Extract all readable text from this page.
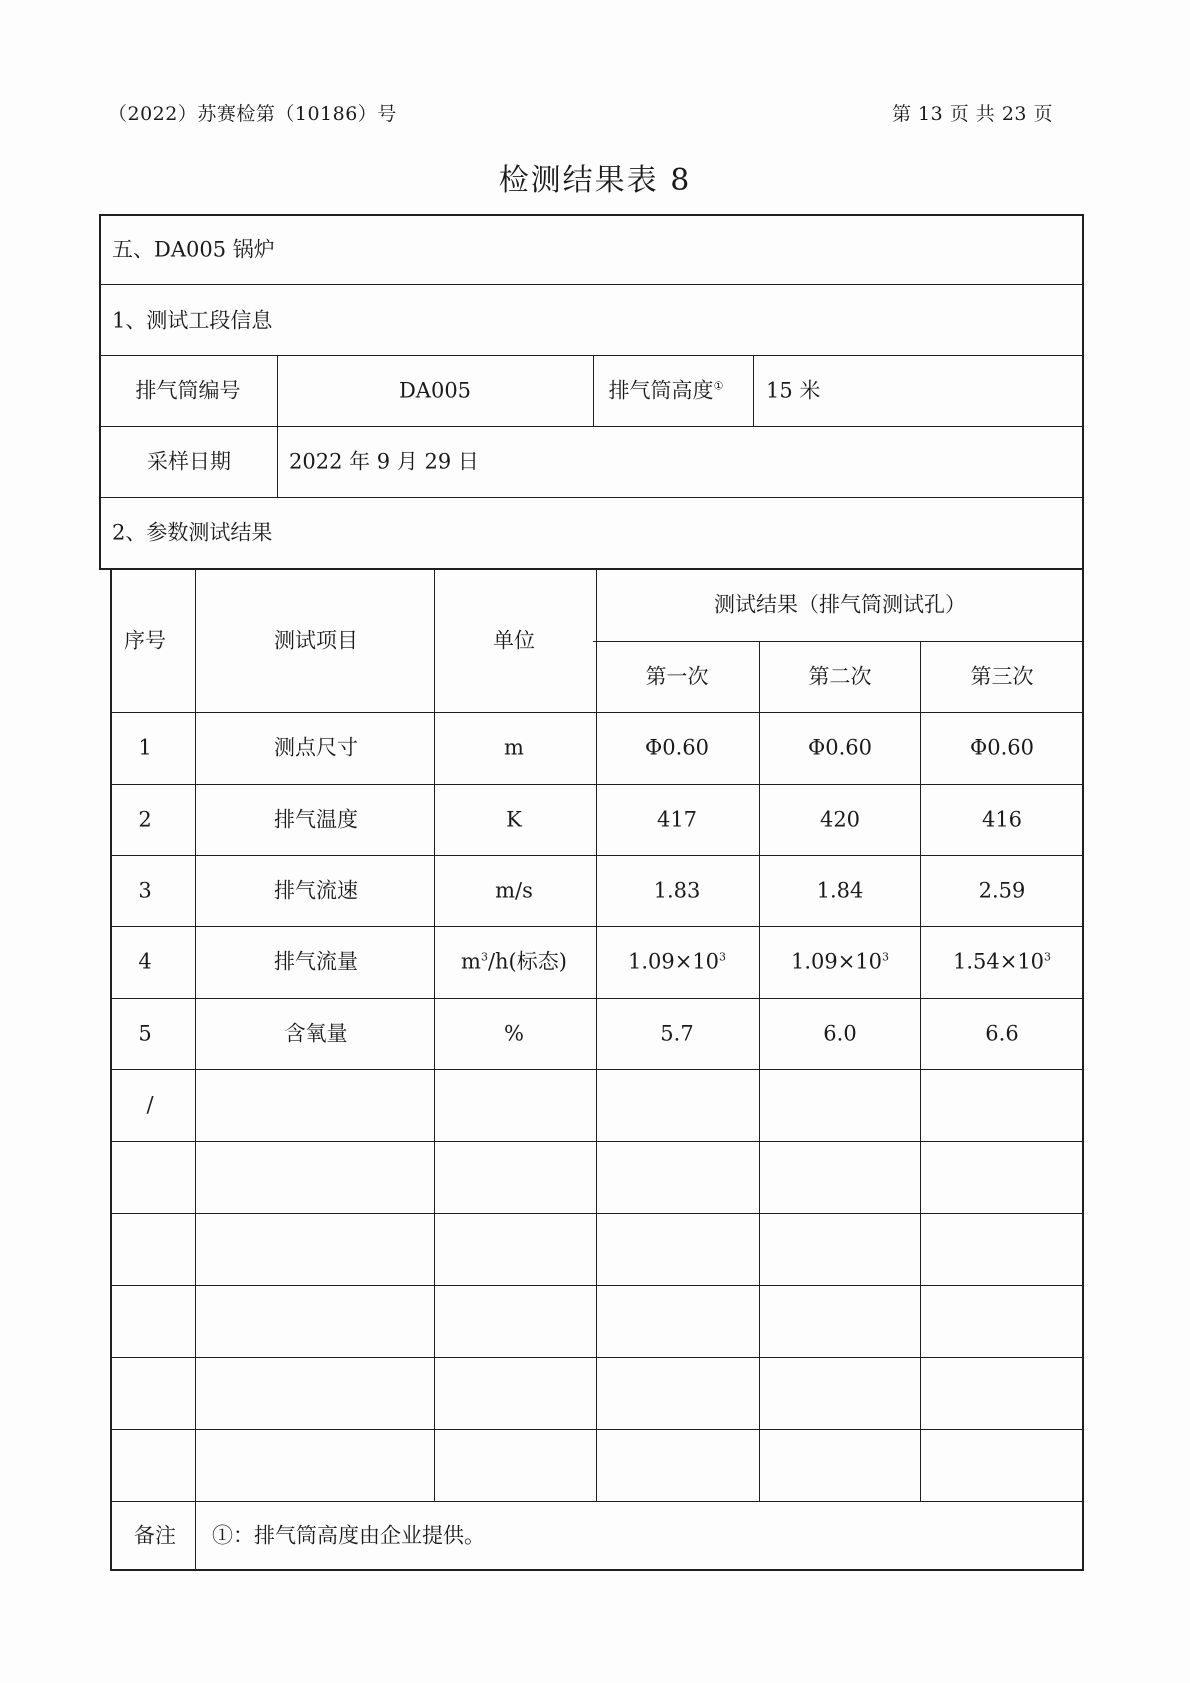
（2022）苏赛检第（10186）号	第 13 页 共 23 页
检测结果表 8
五、DA005 锅炉
1、测试工段信息
排气筒编号	DA005	排气筒高度① 15 米
采样日期	2022 年 9 月 29 日
2、参数测试结果
序号	测试项目	单位
测试结果（排气筒测试孔）
第一次	第二次	第三次
1	测点尺寸	m	Φ0.60	Φ0.60	Φ0.60
2	排气温度	K	417	420	416
3	排气流速	m/s	1.83	1.84	2.59
4	排气流量	$m^3/h$(标态)	$1.09\times 10^3$	$1.09\times 10^3$	$1.54\times 10^3$
5	含氧量	%	5.7	6.0	6.6
/
备注 ①：排气筒高度由企业提供。
